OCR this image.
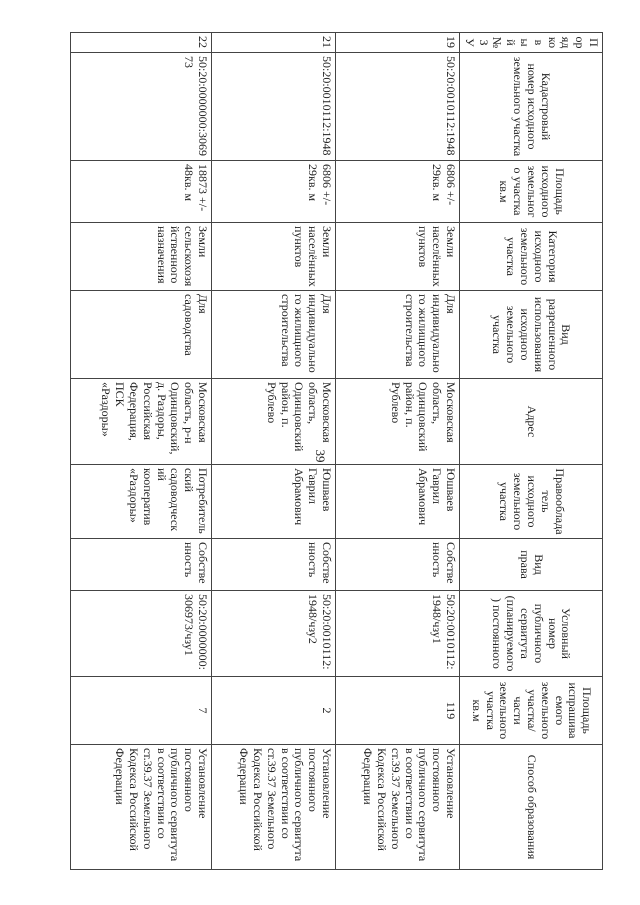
39
Порядковый № ЗУ	Кадастровый номер исходного земельного участка	Площадь исходного земельного участка кв.м	Категория исходного земельного участка	Вид разрешенного использования исходного земельного участка	Адрес	Правообладатель исходного земельного участка	Вид права	Условный номер публичного сервитута (планируемого) постоянного	Площадь испрашиваемого земельного участка/части земельного участка кв.м	Способ образования
19	50:20:0010112:1948	6806 +/- 29кв. м	Земли населённых пунктов	Для индивидуального жилищного строительства	Московская область, Одинцовский район, п. Рублево	Юшваев Гаврил Абрамович	Собственность	50:20:0010112:1948/чзу1	119	Установление постоянного публичного сервитута в соответствии со ст.39.37 Земельного Кодекса Российской Федерации
21	50:20:0010112:1948	6806 +/- 29кв. м	Земли населённых пунктов	Для индивидуального жилищного строительства	Московская область, Одинцовский район, п. Рублево	Юшваев Гаврил Абрамович	Собственность	50:20:0010112:1948/чзу2	2	Установление постоянного публичного сервитута в соответствии со ст.39.37 Земельного Кодекса Российской Федерации
22	50:20:0000000:306973	18873 +/- 48кв. м	Земли сельскохозяйственного назначения	Для садоводства	Московская область, р-н Одинцовский, д. Раздоры, Российская Федерация, ПСК «Раздоры»	Потребительский садоводческий кооператив «Раздоры»	Собственность	50:20:0000000:306973/чзу1	7	Установление постоянного публичного сервитута в соответствии со ст.39.37 Земельного Кодекса Российской Федерации
